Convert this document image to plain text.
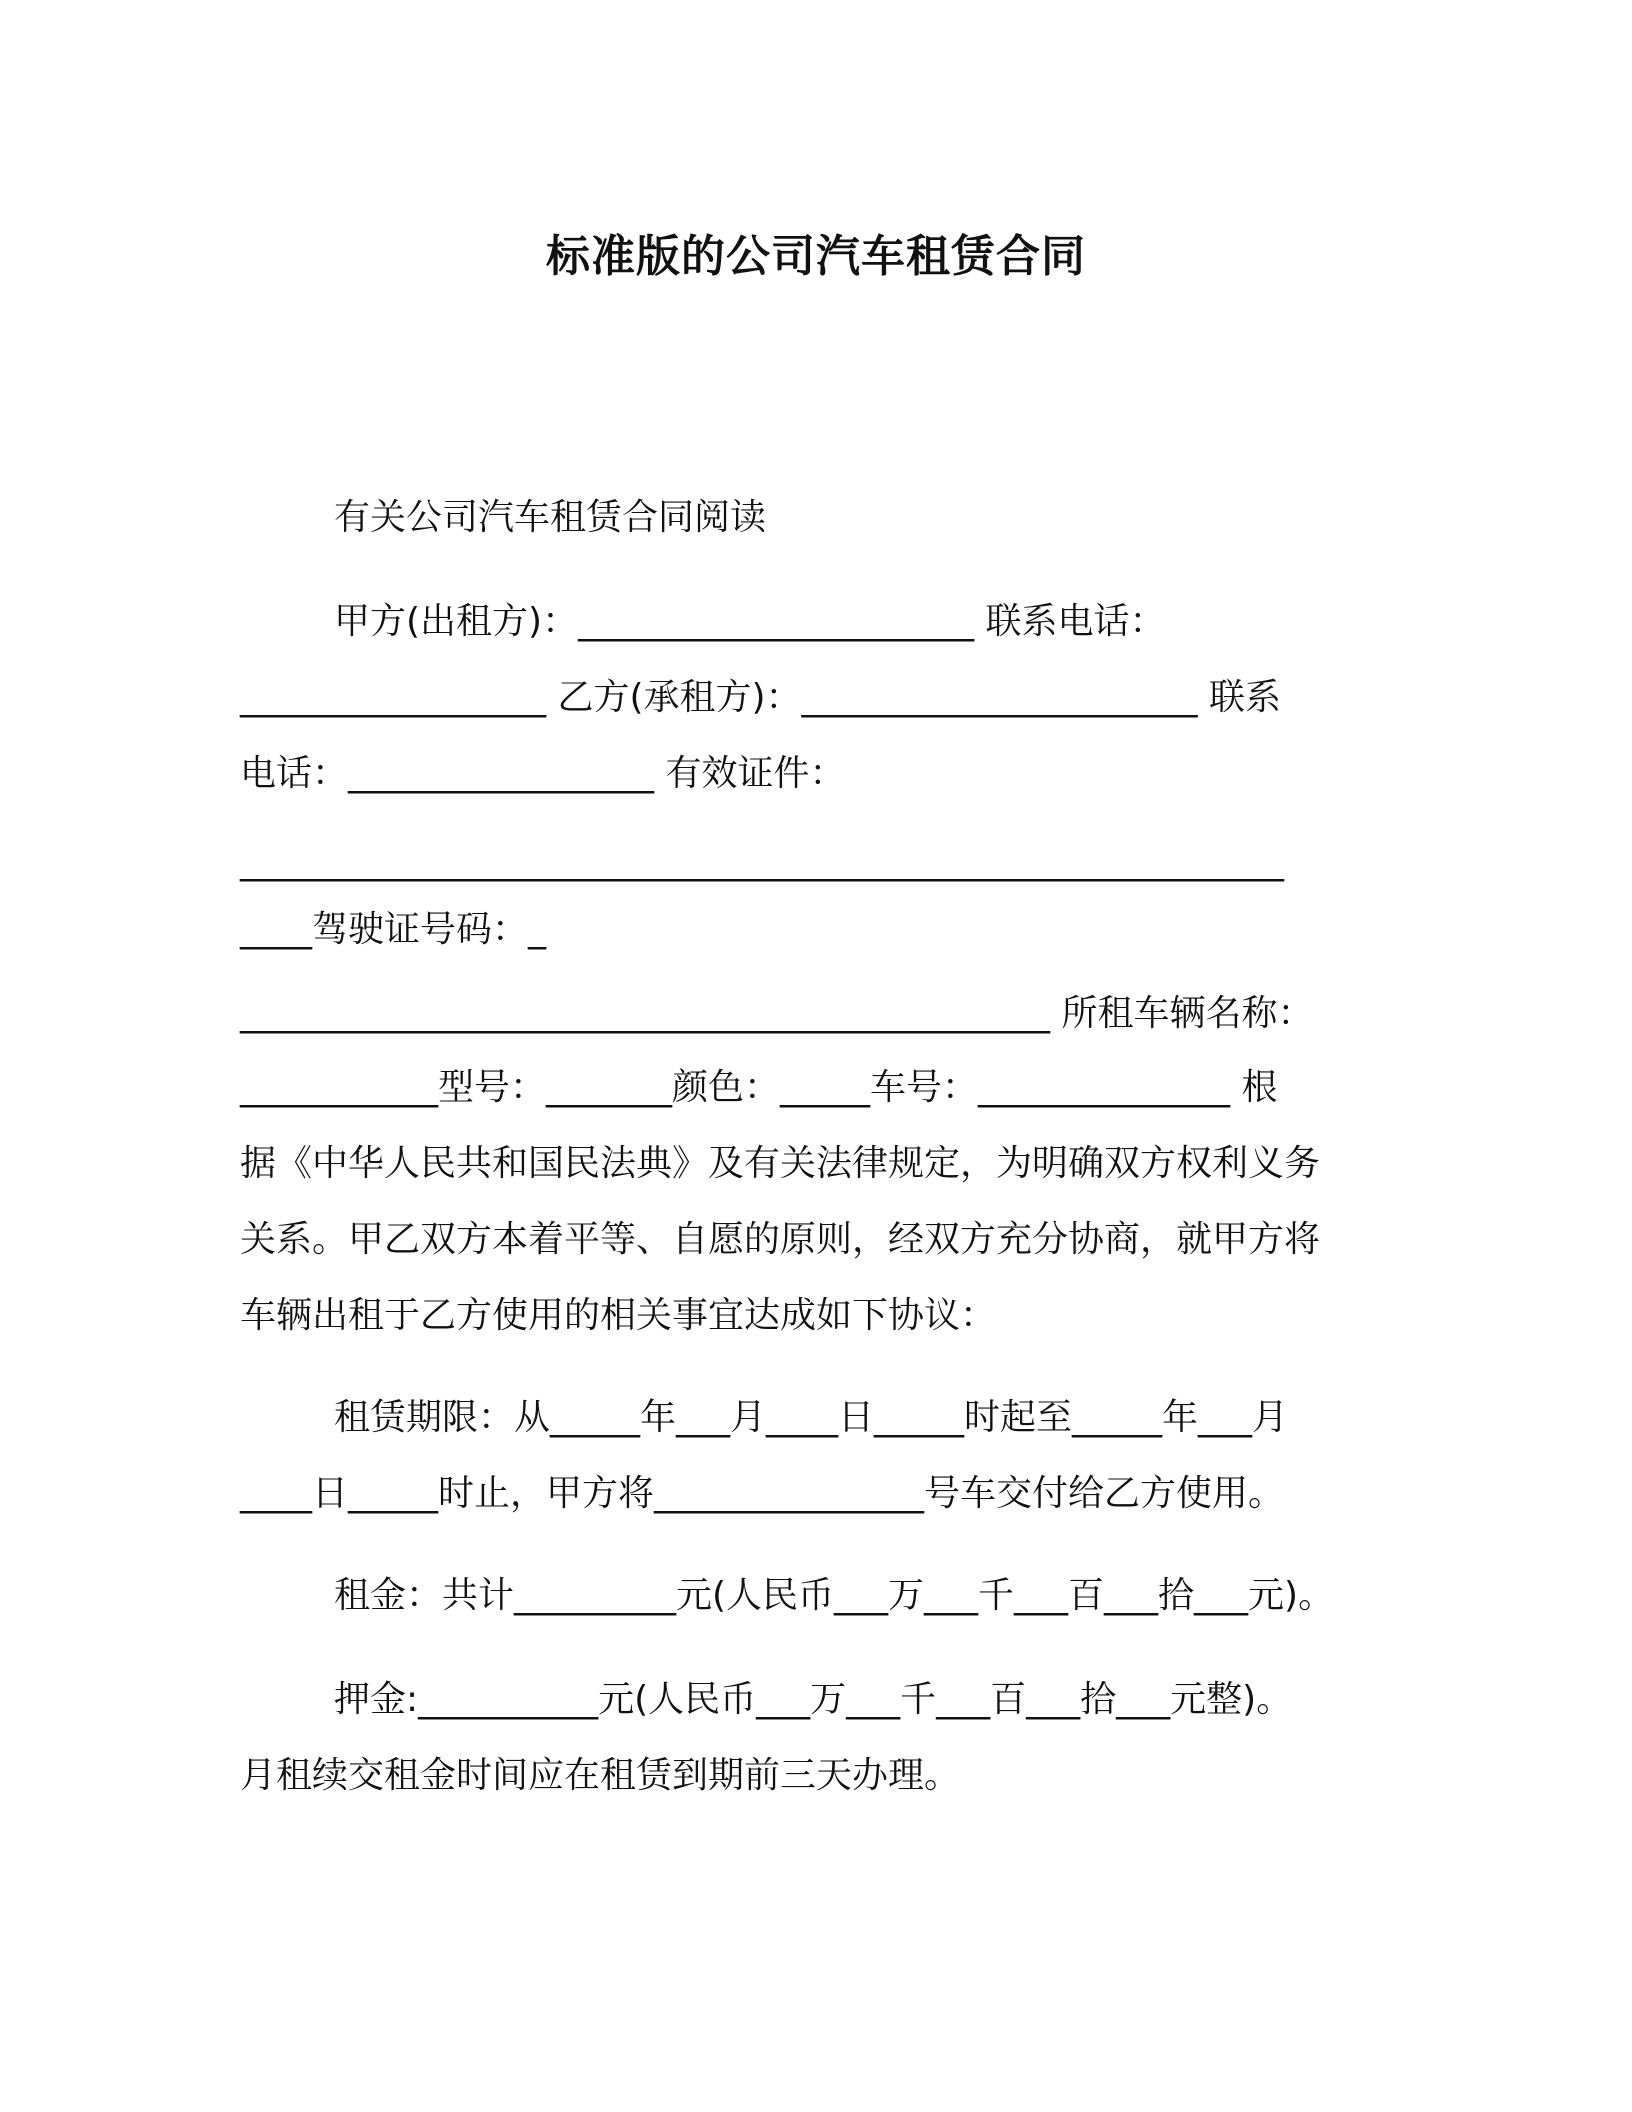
标准版的公司汽车租赁合同
有关公司汽车租赁合同阅读
甲方(出租方)：______________________ 联系电话：
_________________ 乙方(承租方)：______________________ 联系
电话：_________________ 有效证件：
__________________________________________________________
____驾驶证号码：_
_____________________________________________ 所租车辆名称：
___________型号：_______颜色：_____车号：______________ 根
据《中华人民共和国民法典》及有关法律规定，为明确双方权利义务
关系。甲乙双方本着平等、自愿的原则，经双方充分协商，就甲方将
车辆出租于乙方使用的相关事宜达成如下协议：
租赁期限：从_____年___月____日_____时起至_____年___月
____日_____时止，甲方将_______________号车交付给乙方使用。
租金：共计_________元(人民币___万___千___百___拾___元)。
押金:__________元(人民币___万___千___百___拾___元整)。
月租续交租金时间应在租赁到期前三天办理。
